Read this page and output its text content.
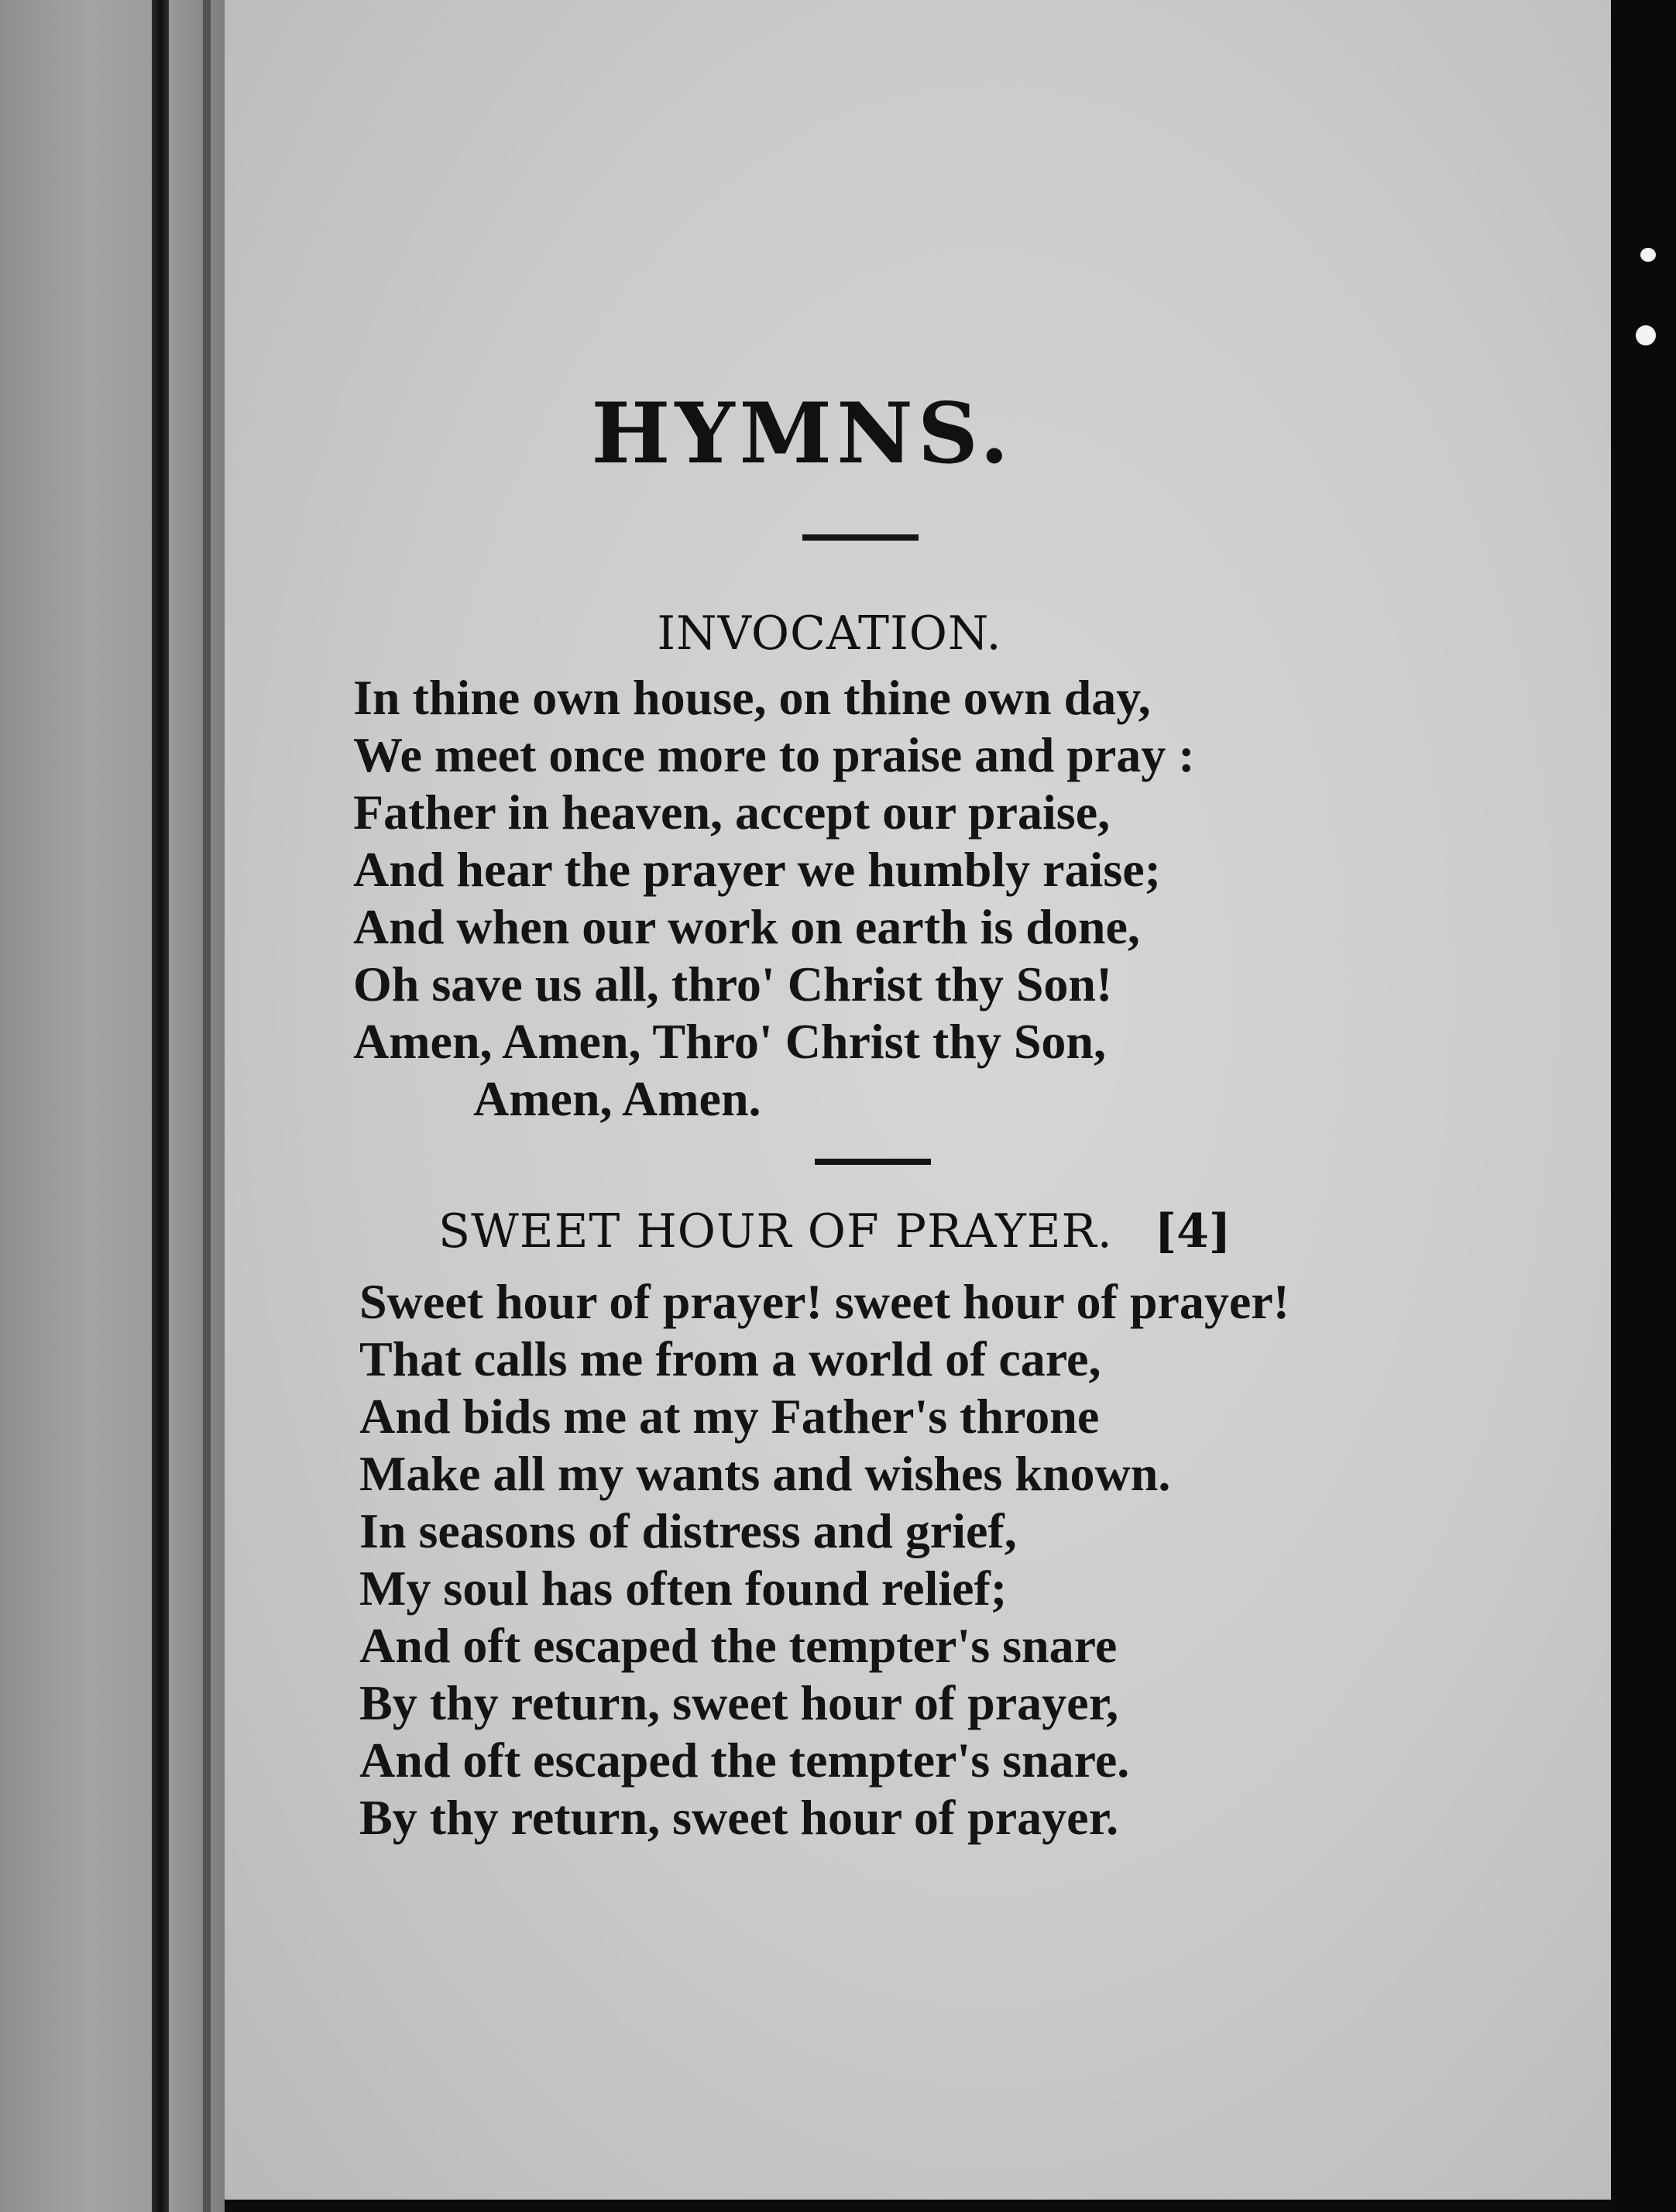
HYMNS.
INVOCATION.
In thine own house, on thine own day,
We meet once more to praise and pray :
Father in heaven, accept our praise,
And hear the prayer we humbly raise;
And when our work on earth is done,
Oh save us all, thro' Christ thy Son!
Amen, Amen, Thro' Christ thy Son,
Amen, Amen.
SWEET HOUR OF PRAYER. [4]
Sweet hour of prayer! sweet hour of prayer!
That calls me from a world of care,
And bids me at my Father's throne
Make all my wants and wishes known.
In seasons of distress and grief,
My soul has often found relief;
And oft escaped the tempter's snare
By thy return, sweet hour of prayer,
And oft escaped the tempter's snare.
By thy return, sweet hour of prayer.
